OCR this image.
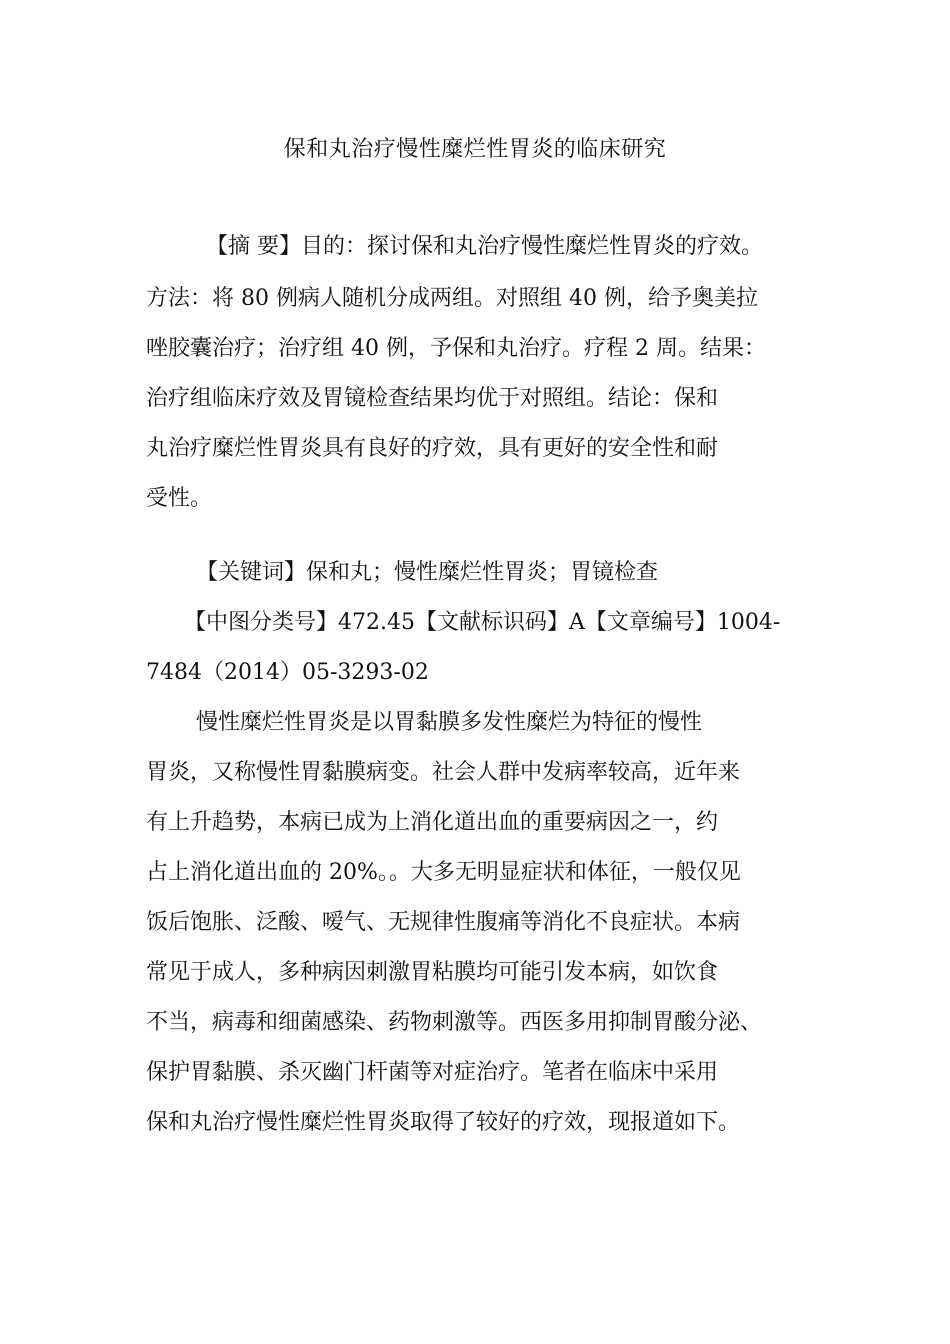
保和丸治疗慢性糜烂性胃炎的临床研究
【摘 要】目的：探讨保和丸治疗慢性糜烂性胃炎的疗效。
方法：将 80 例病人随机分成两组。对照组 40 例，给予奥美拉
唑胶囊治疗；治疗组 40 例，予保和丸治疗。疗程 2 周。结果：
治疗组临床疗效及胃镜检查结果均优于对照组。结论：保和
丸治疗糜烂性胃炎具有良好的疗效，具有更好的安全性和耐
受性。
【关键词】保和丸；慢性糜烂性胃炎；胃镜检查
【中图分类号】472.45【文献标识码】A【文章编号】1004-
7484（2014）05-3293-02
慢性糜烂性胃炎是以胃黏膜多发性糜烂为特征的慢性
胃炎，又称慢性胃黏膜病变。社会人群中发病率较高，近年来
有上升趋势，本病已成为上消化道出血的重要病因之一，约
占上消化道出血的 20%。。大多无明显症状和体征，一般仅见
饭后饱胀、泛酸、嗳气、无规律性腹痛等消化不良症状。本病
常见于成人，多种病因刺激胃粘膜均可能引发本病，如饮食
不当，病毒和细菌感染、药物刺激等。西医多用抑制胃酸分泌、
保护胃黏膜、杀灭幽门杆菌等对症治疗。笔者在临床中采用
保和丸治疗慢性糜烂性胃炎取得了较好的疗效，现报道如下。
